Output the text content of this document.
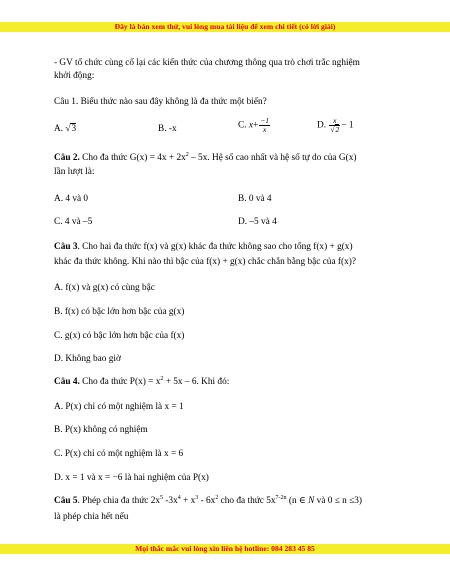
Đây là bản xem thử, vui lòng mua tài liệu để xem chi tiết (có lời giải)
- GV tổ chức cùng cố lại các kiến thức của chương thông qua trò chơi trắc nghiệm
khởi động:
Câu 1. Biểu thức nào sau đây không là đa thức một biến?
A. √3	B. -x	C. $x+ \frac{-1}{x}$	D. $\frac{x}{√2} - 1$
Câu 2. Cho đa thức $G(x) = 4x + 2x^2 - 5x$. Hệ số cao nhất và hệ số tự do của G(x)
lần lượt là:
A. 4 và 0	B. 0 và 4
C. 4 và –5	D. –5 và 4
Câu 3. Cho hai đa thức f(x) và g(x) khác đa thức không sao cho tổng f(x) + g(x)
khác đa thức không. Khi nào thì bậc của f(x) + g(x) chắc chắn bằng bậc của f(x)?
A. f(x) và g(x) có cùng bậc
B. f(x) có bậc lớn hơn bậc của g(x)
C. g(x) có bậc lớn hơn bậc của f(x)
D. Không bao giờ
Câu 4. Cho đa thức $P(x) = x^2 + 5x - 6$. Khi đó:
A. P(x) chỉ có một nghiệm là x = 1
B. P(x) không có nghiệm
C. P(x) chỉ có một nghiệm là x = 6
D. x = 1 và x = −6 là hai nghiệm của P(x)
Câu 5. Phép chia đa thức $2x^5$ $-3x^4 + x^3 - 6x^2$ cho đa thức $5x^{7-2n}$ (n ∈ N và 0 ≤ n ≤3)
là phép chia hết nếu
Mọi thắc mắc vui lòng xin liên hệ hotline: 084 283 45 85
